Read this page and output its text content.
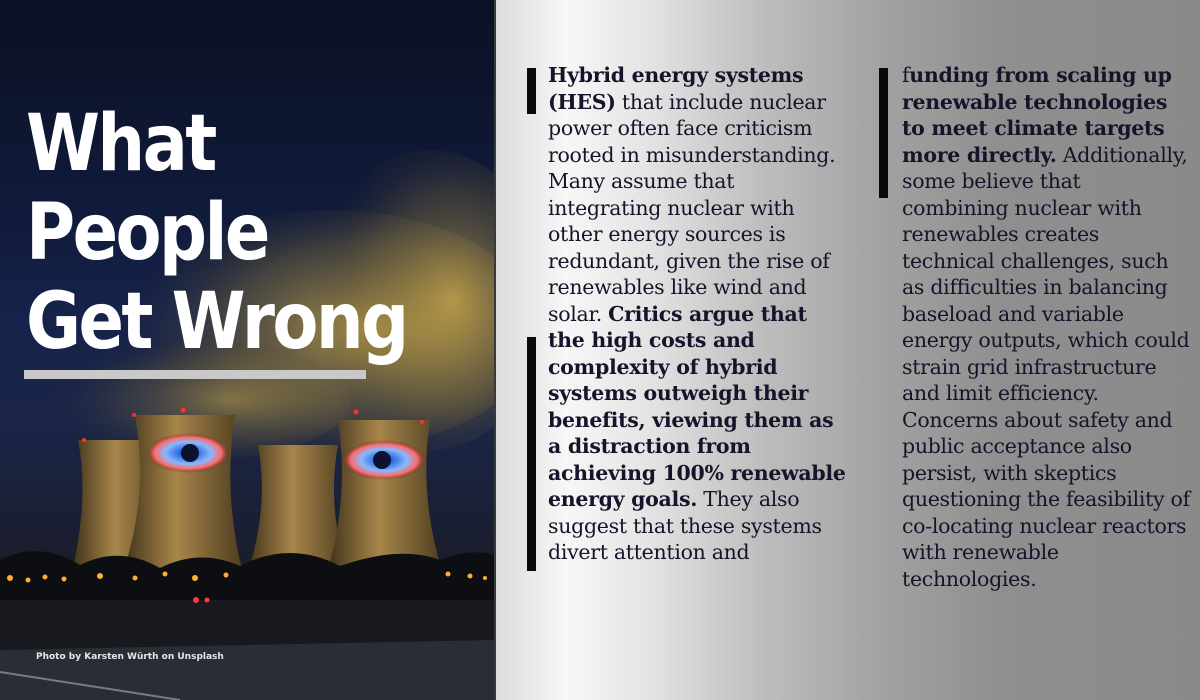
What
People
Get Wrong
Photo by Karsten Würth on Unsplash
Hybrid energy systems (HES) that include nuclear power often face criticism rooted in misunderstanding. Many assume that integrating nuclear with other energy sources is redundant, given the rise of renewables like wind and solar. Critics argue that the high costs and complexity of hybrid systems outweigh their benefits, viewing them as a distraction from achieving 100% renewable energy goals. They also suggest that these systems divert attention and
funding from scaling up renewable technologies to meet climate targets more directly. Additionally, some believe that combining nuclear with renewables creates technical challenges, such as difficulties in balancing baseload and variable energy outputs, which could strain grid infrastructure and limit efficiency. Concerns about safety and public acceptance also persist, with skeptics questioning the feasibility of co-locating nuclear reactors with renewable technologies.
